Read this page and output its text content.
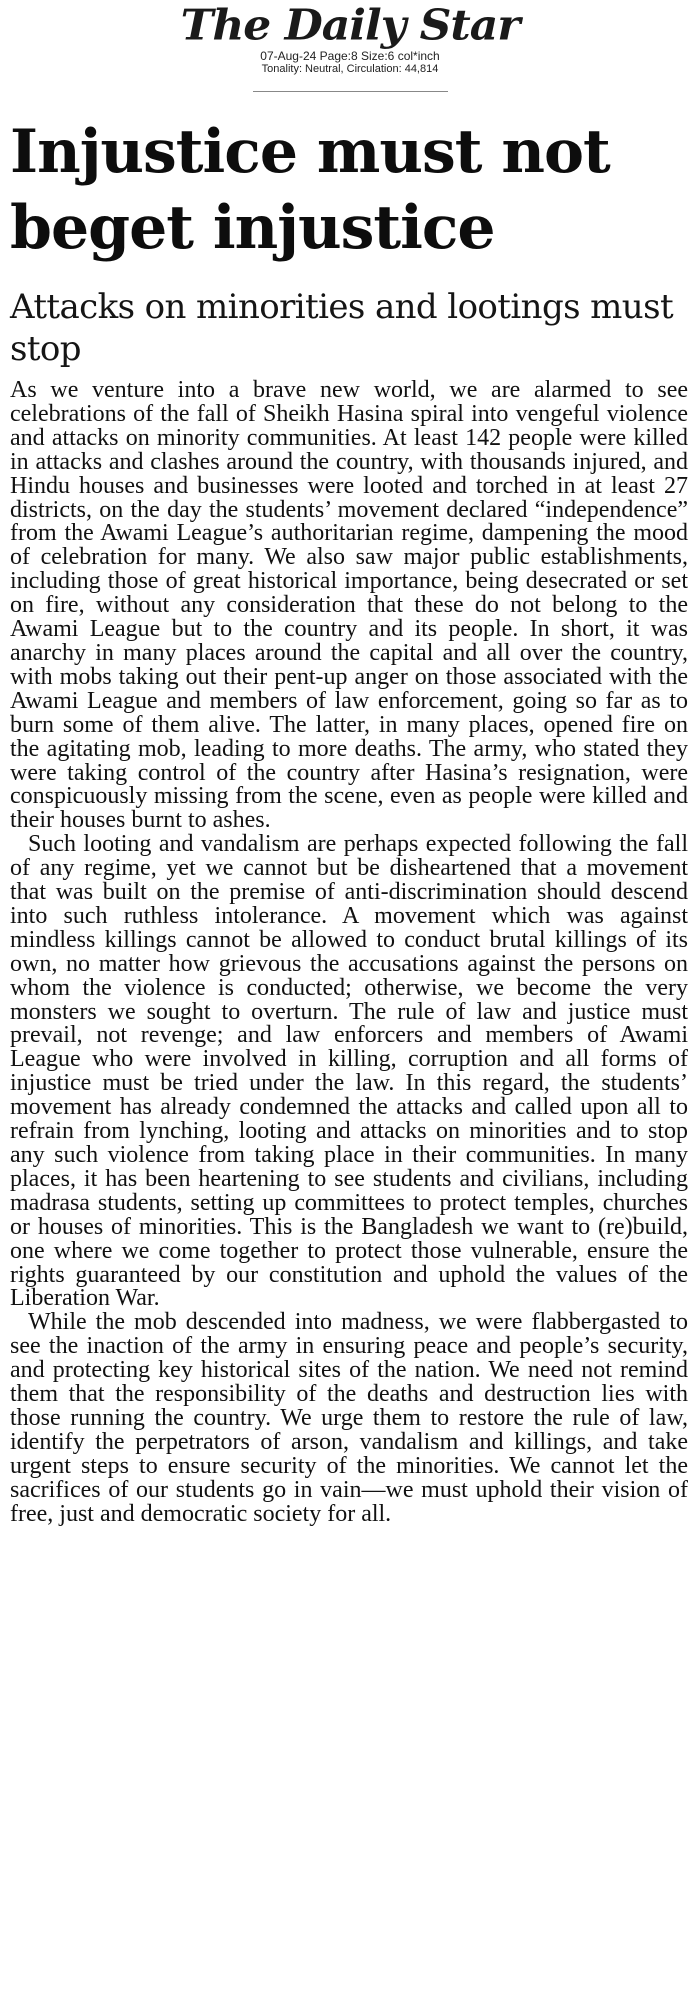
The Daily Star
07-Aug-24 Page:8 Size:6 col*inch
Tonality: Neutral, Circulation: 44,814
Injustice must not beget injustice
Attacks on minorities and lootings must stop

As we venture into a brave new world, we are alarmed to see celebrations of the fall of Sheikh Hasina spiral into vengeful violence and attacks on minority communities. At least 142 people were killed in attacks and clashes around the country, with thousands injured, and Hindu houses and businesses were looted and torched in at least 27 districts, on the day the students’ movement declared “independence” from the Awami League’s authoritarian regime, dampening the mood of celebration for many. We also saw major public establishments, including those of great historical importance, being desecrated or set on fire, without any consideration that these do not belong to the Awami League but to the country and its people. In short, it was anarchy in many places around the capital and all over the country, with mobs taking out their pent-up anger on those associated with the Awami League and members of law enforcement, going so far as to burn some of them alive. The latter, in many places, opened fire on the agitating mob, leading to more deaths. The army, who stated they were taking control of the country after Hasina’s resignation, were conspicuously missing from the scene, even as people were killed and their houses burnt to ashes.

Such looting and vandalism are perhaps expected following the fall of any regime, yet we cannot but be disheartened that a movement that was built on the premise of anti-discrimination should descend into such ruthless intolerance. A movement which was against mindless killings cannot be allowed to conduct brutal killings of its own, no matter how grievous the accusations against the persons on whom the violence is conducted; otherwise, we become the very monsters we sought to overturn. The rule of law and justice must prevail, not revenge; and law enforcers and members of Awami League who were involved in killing, corruption and all forms of injustice must be tried under the law. In this regard, the students’ movement has already condemned the attacks and called upon all to refrain from lynching, looting and attacks on minorities and to stop any such violence from taking place in their communities. In many places, it has been heartening to see students and civilians, including madrasa students, setting up committees to protect temples, churches or houses of minorities. This is the Bangladesh we want to (re)build, one where we come together to protect those vulnerable, ensure the rights guaranteed by our constitution and uphold the values of the Liberation War.

While the mob descended into madness, we were flabbergasted to see the inaction of the army in ensuring peace and people’s security, and protecting key historical sites of the nation. We need not remind them that the responsibility of the deaths and destruction lies with those running the country. We urge them to restore the rule of law, identify the perpetrators of arson, vandalism and killings, and take urgent steps to ensure security of the minorities. We cannot let the sacrifices of our students go in vain—we must uphold their vision of free, just and democratic society for all.
